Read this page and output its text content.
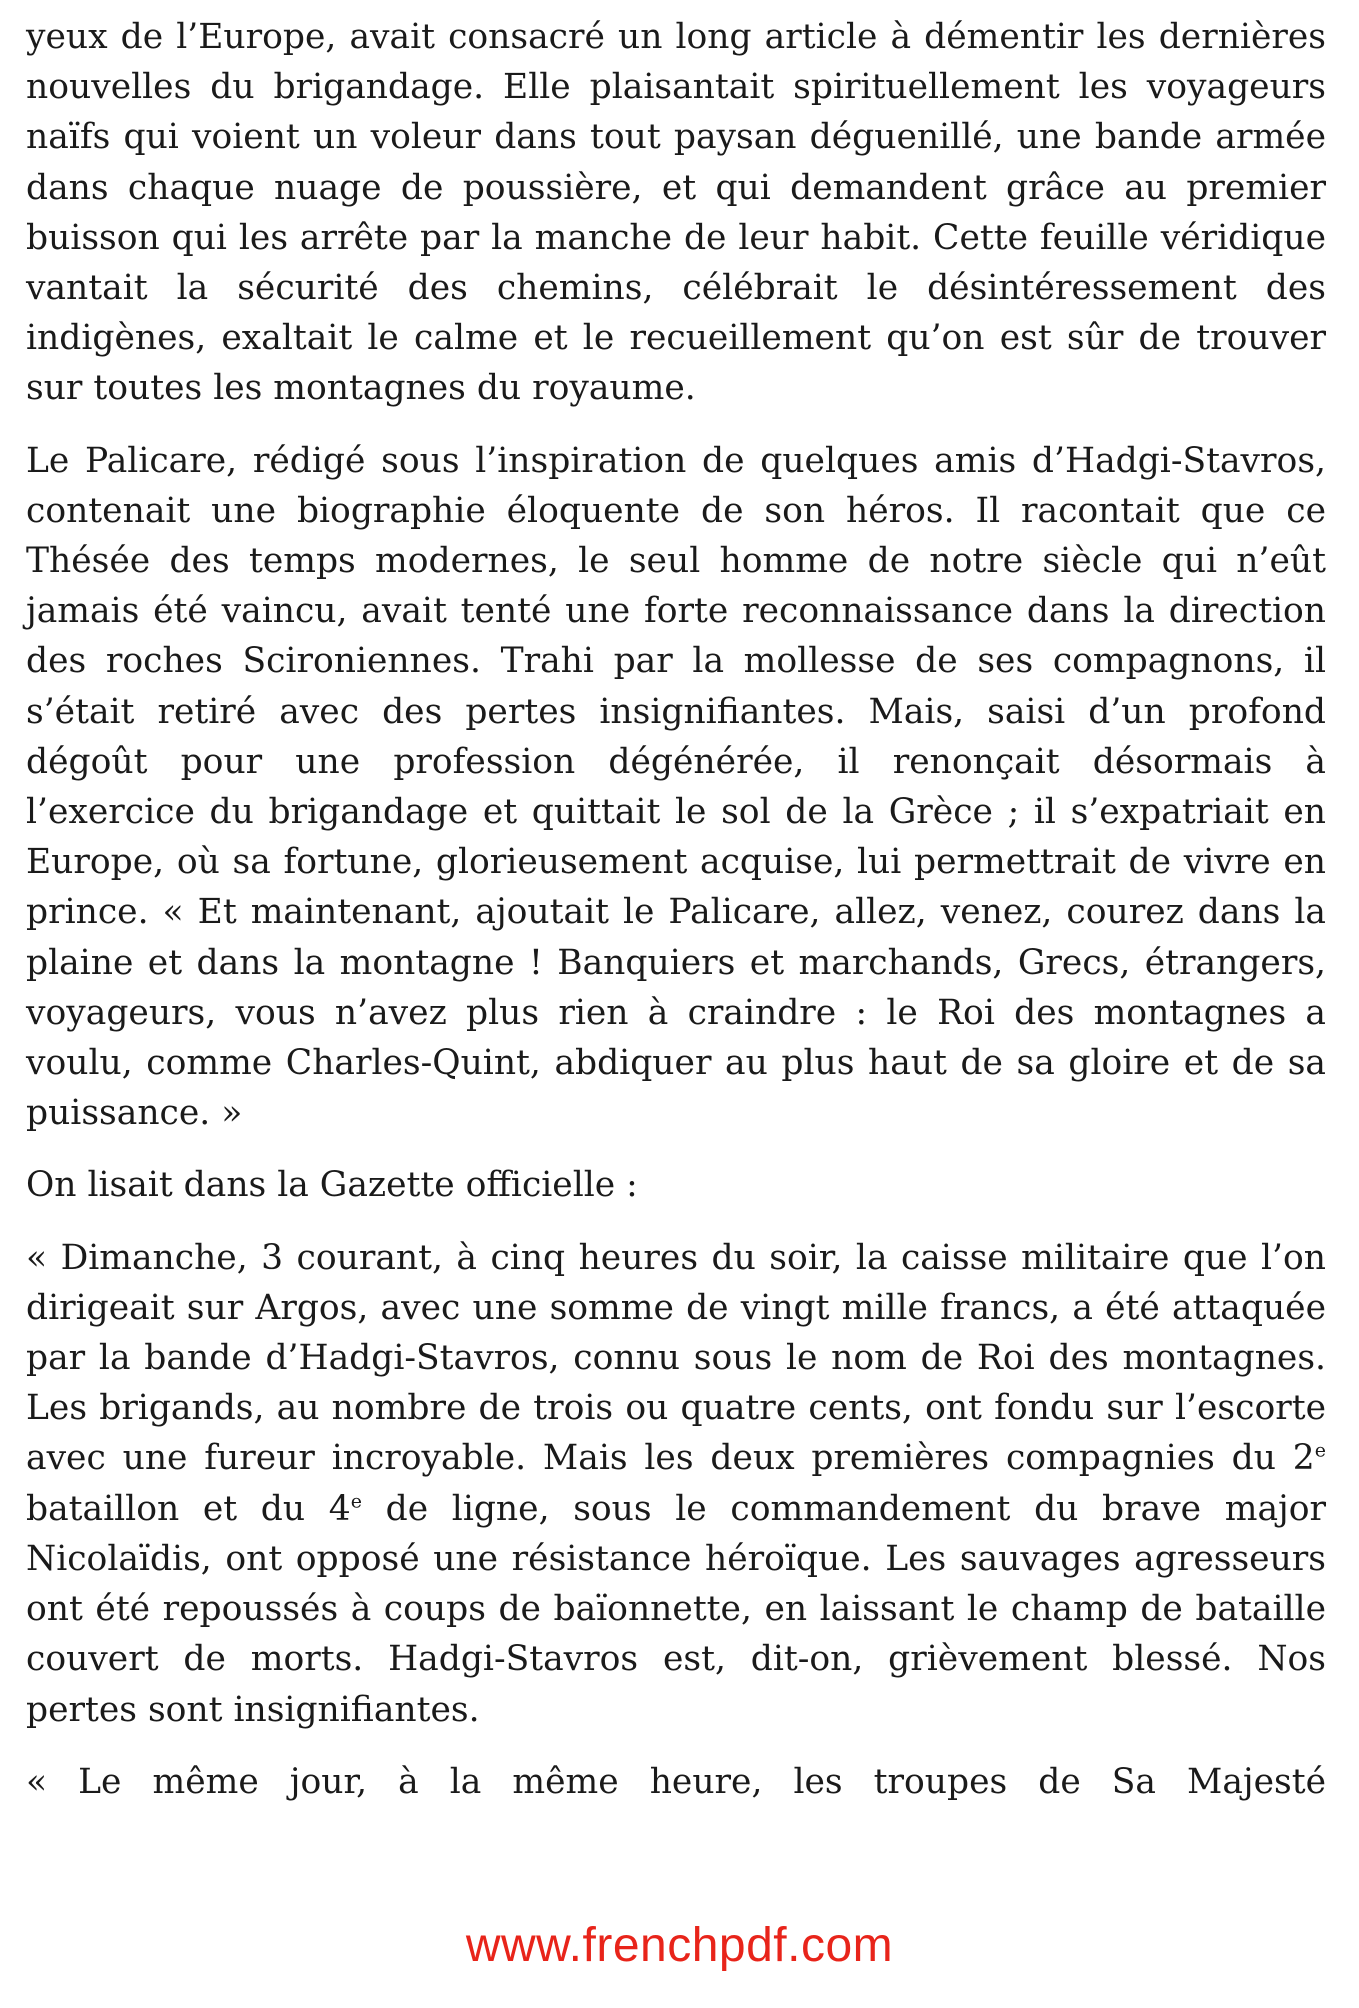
yeux de l’Europe, avait consacré un long article à démentir les dernières nouvelles du brigandage. Elle plaisantait spirituellement les voyageurs naïfs qui voient un voleur dans tout paysan déguenillé, une bande armée dans chaque nuage de poussière, et qui demandent grâce au premier buisson qui les arrête par la manche de leur habit. Cette feuille véridique vantait la sécurité des chemins, célébrait le désintéressement des indigènes, exaltait le calme et le recueillement qu’on est sûr de trouver sur toutes les montagnes du royaume.

Le Palicare, rédigé sous l’inspiration de quelques amis d’Hadgi-Stavros, contenait une biographie éloquente de son héros. Il racontait que ce Thésée des temps modernes, le seul homme de notre siècle qui n’eût jamais été vaincu, avait tenté une forte reconnaissance dans la direction des roches Scironiennes. Trahi par la mollesse de ses compagnons, il s’était retiré avec des pertes insignifiantes. Mais, saisi d’un profond dégoût pour une profession dégénérée, il renonçait désormais à l’exercice du brigandage et quittait le sol de la Grèce ; il s’expatriait en Europe, où sa fortune, glorieusement acquise, lui permettrait de vivre en prince. « Et maintenant, ajoutait le Palicare, allez, venez, courez dans la plaine et dans la montagne ! Banquiers et marchands, Grecs, étrangers, voyageurs, vous n’avez plus rien à craindre : le Roi des montagnes a voulu, comme Charles-Quint, abdiquer au plus haut de sa gloire et de sa puissance. »

On lisait dans la Gazette officielle :

« Dimanche, 3 courant, à cinq heures du soir, la caisse militaire que l’on dirigeait sur Argos, avec une somme de vingt mille francs, a été attaquée par la bande d’Hadgi-Stavros, connu sous le nom de Roi des montagnes. Les brigands, au nombre de trois ou quatre cents, ont fondu sur l’escorte avec une fureur incroyable. Mais les deux premières compagnies du 2e bataillon et du 4e de ligne, sous le commandement du brave major Nicolaïdis, ont opposé une résistance héroïque. Les sauvages agresseurs ont été repoussés à coups de baïonnette, en laissant le champ de bataille couvert de morts. Hadgi-Stavros est, dit-on, grièvement blessé. Nos pertes sont insignifiantes.

« Le même jour, à la même heure, les troupes de Sa Majesté

www.frenchpdf.com
